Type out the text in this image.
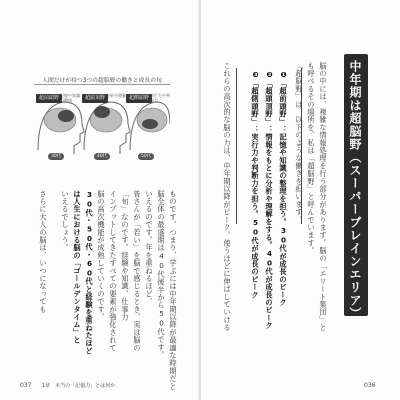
中年期は超脳野（スーパーブレインエリア）の成長期
脳の中には、複雑な情報処理を行う部分があります。脳の「エリート集団」と
も呼べるその場所を、私は「超脳野」と呼んでいます。
「超脳野」は、以下のような働きを担います。
❶「超前頭野」：記憶や知識の整理を担う。30代が成長のピーク
❷「超頭頂野」：情報をもとに分析や理解をする。40代が成長のピーク
❸「超側頭野」：実行力や判断力を担う。50代が成長のピーク
これらの高次的な脳の力は、中年期以降がピーク。使うほどに伸ばしていける
036
人間だけが持つ3つの超脳野の働きと成長の旬
超前頭野 記憶や知識の整理
30代
超頭頂野 分析や理解
40代
超側頭野 実行力や判断力
50代
ものです。つまり、学ぶには中年期以降が最適な時期だと
脳全体の最盛期は40代後半から50代です。
いえるのです。年を重ねるほど、
皆さんが「若い」を脳で感じるとき、実は脳の
「旬」なのです。経験や知識、仕事力
インプットしてきたすべての要素が強化されて
脳の高次機能が成熟していくのです。
30代・50代・60代と経験を重ねたほど
は人生における脳の「ゴールデンタイム」と
いえるでしょう。
さらに大人の脳は、いつになっても
037 1章　本当の「記憶力」とは何か
